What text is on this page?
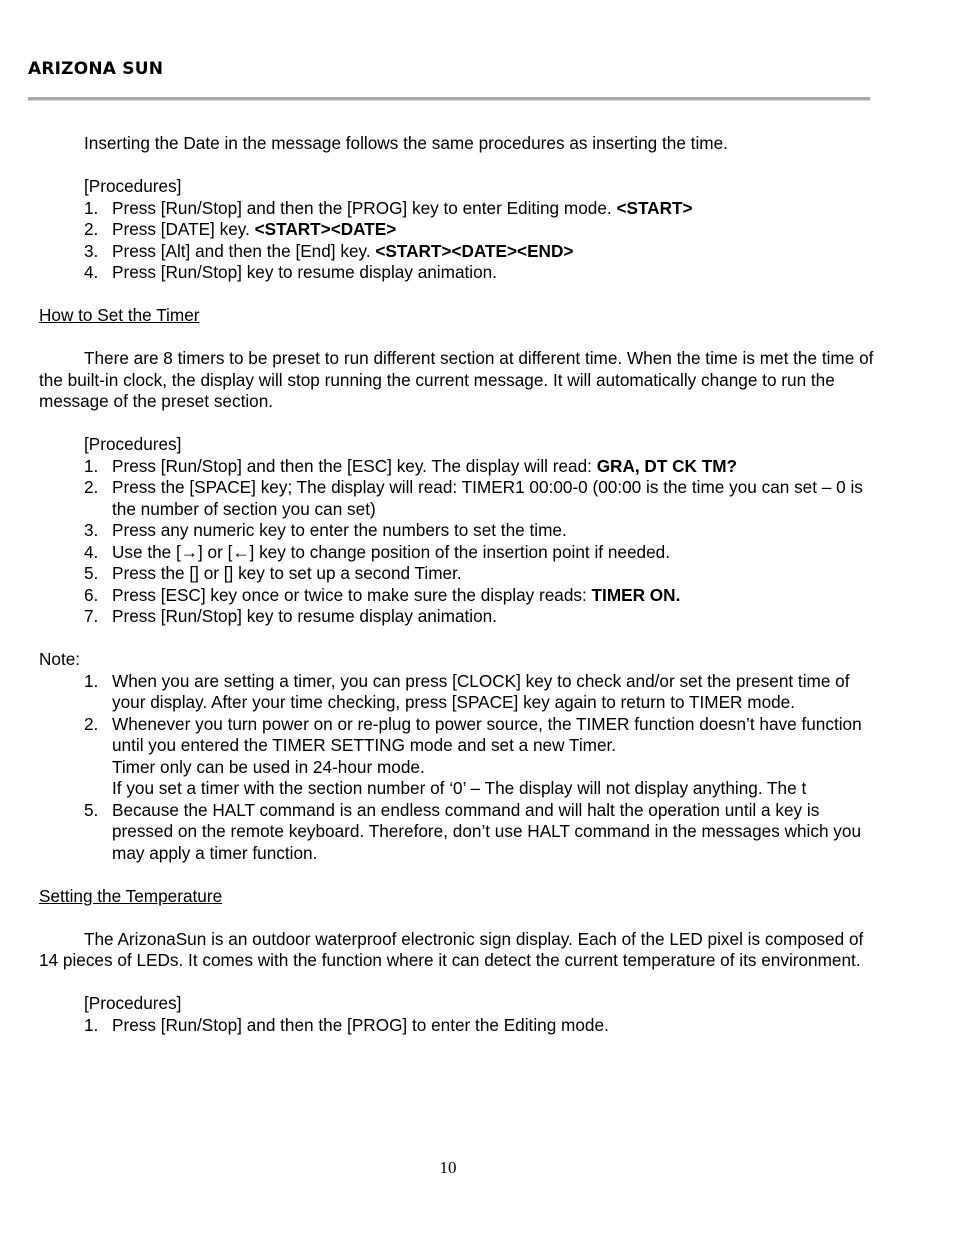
ARIZONA SUN

Inserting the Date in the message follows the same procedures as inserting the time.

[Procedures]

1. Press [Run/Stop] and then the [PROG] key to enter Editing mode. <START>
2. Press [DATE] key. <START><DATE>
3. Press [Alt] and then the [End] key. <START><DATE><END>
4. Press [Run/Stop] key to resume display animation.

How to Set the Timer

There are 8 timers to be preset to run different section at different time. When the time is met the time of the built-in clock, the display will stop running the current message. It will automatically change to run the message of the preset section.

[Procedures]

1. Press [Run/Stop] and then the [ESC] key. The display will read: GRA, DT CK TM?
2. Press the [SPACE] key; The display will read: TIMER1 00:00-0 (00:00 is the time you can set – 0 is the number of section you can set)
3. Press any numeric key to enter the numbers to set the time.
4. Use the [→] or [←] key to change position of the insertion point if needed.
5. Press the [] or [] key to set up a second Timer.
6. Press [ESC] key once or twice to make sure the display reads: TIMER ON.
7. Press [Run/Stop] key to resume display animation.

Note:

1. When you are setting a timer, you can press [CLOCK] key to check and/or set the present time of your display. After your time checking, press [SPACE] key again to return to TIMER mode.
2. Whenever you turn power on or re-plug to power source, the TIMER function doesn’t have function until you entered the TIMER SETTING mode and set a new Timer.

Timer only can be used in 24-hour mode.

If you set a timer with the section number of ‘0’ – The display will not display anything. The t

5. Because the HALT command is an endless command and will halt the operation until a key is pressed on the remote keyboard. Therefore, don’t use HALT command in the messages which you may apply a timer function.

Setting the Temperature

The ArizonaSun is an outdoor waterproof electronic sign display. Each of the LED pixel is composed of 14 pieces of LEDs. It comes with the function where it can detect the current temperature of its environment.

[Procedures]

1. Press [Run/Stop] and then the [PROG] to enter the Editing mode.
10
